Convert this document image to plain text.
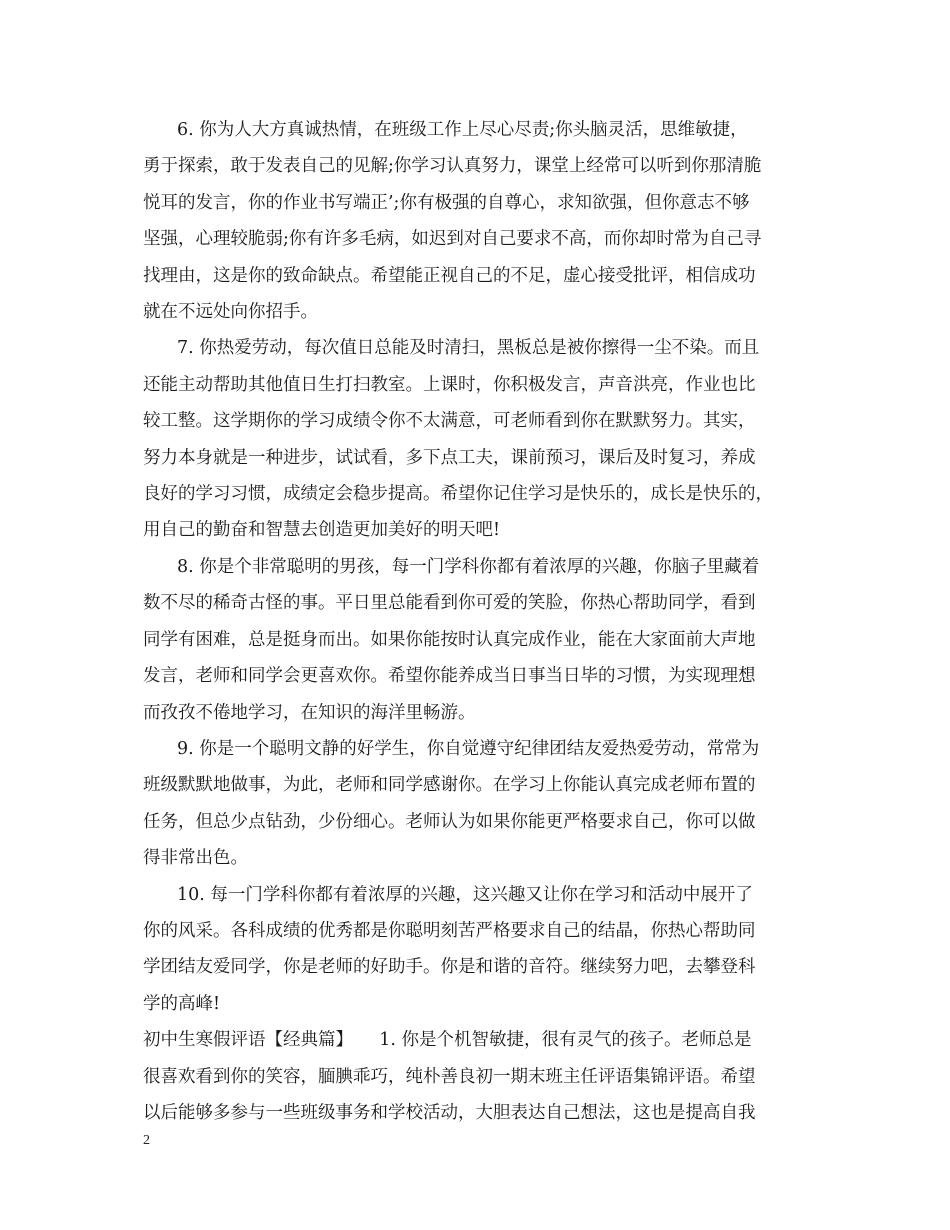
6. 你为人大方真诚热情，在班级工作上尽心尽责;你头脑灵活，思维敏捷，
勇于探索，敢于发表自己的见解;你学习认真努力，课堂上经常可以听到你那清脆
悦耳的发言，你的作业书写端正’;你有极强的自尊心，求知欲强，但你意志不够
坚强，心理较脆弱;你有许多毛病，如迟到对自己要求不高，而你却时常为自己寻
找理由，这是你的致命缺点。希望能正视自己的不足，虚心接受批评，相信成功
就在不远处向你招手。
7. 你热爱劳动，每次值日总能及时清扫，黑板总是被你擦得一尘不染。而且
还能主动帮助其他值日生打扫教室。上课时，你积极发言，声音洪亮，作业也比
较工整。这学期你的学习成绩令你不太满意，可老师看到你在默默努力。其实，
努力本身就是一种进步，试试看，多下点工夫，课前预习，课后及时复习，养成
良好的学习习惯，成绩定会稳步提高。希望你记住学习是快乐的，成长是快乐的，
用自己的勤奋和智慧去创造更加美好的明天吧!
8. 你是个非常聪明的男孩，每一门学科你都有着浓厚的兴趣，你脑子里藏着
数不尽的稀奇古怪的事。平日里总能看到你可爱的笑脸，你热心帮助同学，看到
同学有困难，总是挺身而出。如果你能按时认真完成作业，能在大家面前大声地
发言，老师和同学会更喜欢你。希望你能养成当日事当日毕的习惯，为实现理想
而孜孜不倦地学习，在知识的海洋里畅游。
9. 你是一个聪明文静的好学生，你自觉遵守纪律团结友爱热爱劳动，常常为
班级默默地做事，为此，老师和同学感谢你。在学习上你能认真完成老师布置的
任务，但总少点钻劲，少份细心。老师认为如果你能更严格要求自己，你可以做
得非常出色。
10. 每一门学科你都有着浓厚的兴趣，这兴趣又让你在学习和活动中展开了
你的风采。各科成绩的优秀都是你聪明刻苦严格要求自己的结晶，你热心帮助同
学团结友爱同学，你是老师的好助手。你是和谐的音符。继续努力吧，去攀登科
学的高峰!
初中生寒假评语【经典篇】　　1. 你是个机智敏捷，很有灵气的孩子。老师总是
很喜欢看到你的笑容，腼腆乖巧，纯朴善良初一期末班主任评语集锦评语。希望
以后能够多参与一些班级事务和学校活动，大胆表达自己想法，这也是提高自我
2
